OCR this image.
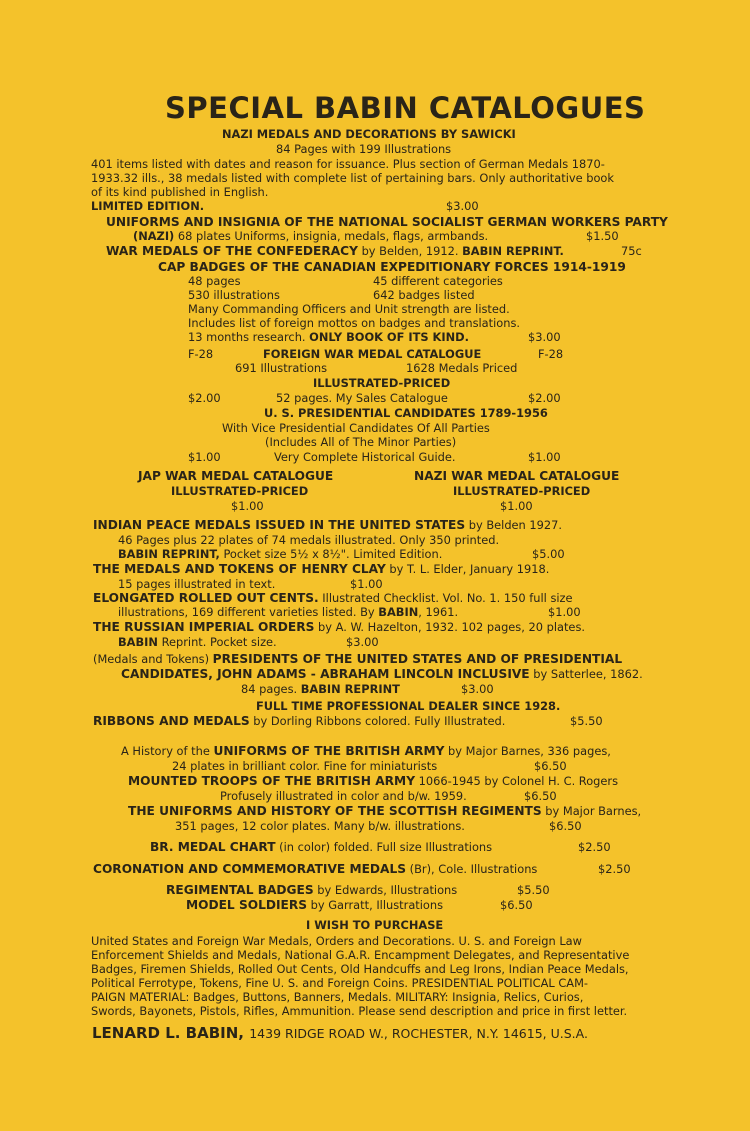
SPECIAL BABIN CATALOGUES
NAZI MEDALS AND DECORATIONS BY SAWICKI
84 Pages with 199 Illustrations
401 items listed with dates and reason for issuance. Plus section of German Medals 1870-
1933.32 ills., 38 medals listed with complete list of pertaining bars. Only authoritative book
of its kind published in English.
LIMITED EDITION.	$3.00
UNIFORMS AND INSIGNIA OF THE NATIONAL SOCIALIST GERMAN WORKERS PARTY
(NAZI) 68 plates Uniforms, insignia, medals, flags, armbands.	$1.50
WAR MEDALS OF THE CONFEDERACY by Belden, 1912. BABIN REPRINT.	75c
CAP BADGES OF THE CANADIAN EXPEDITIONARY FORCES 1914-1919
48 pages	45 different categories
530 illustrations	642 badges listed
Many Commanding Officers and Unit strength are listed.
Includes list of foreign mottos on badges and translations.
13 months research. ONLY BOOK OF ITS KIND.	$3.00
F-28	FOREIGN WAR MEDAL CATALOGUE	F-28
691 Illustrations	1628 Medals Priced
ILLUSTRATED-PRICED
$2.00	52 pages. My Sales Catalogue	$2.00
U. S. PRESIDENTIAL CANDIDATES 1789-1956
With Vice Presidential Candidates Of All Parties
(Includes All of The Minor Parties)
$1.00	Very Complete Historical Guide.	$1.00
JAP WAR MEDAL CATALOGUE
ILLUSTRATED-PRICED
$1.00
NAZI WAR MEDAL CATALOGUE
ILLUSTRATED-PRICED
$1.00
INDIAN PEACE MEDALS ISSUED IN THE UNITED STATES by Belden 1927.
46 Pages plus 22 plates of 74 medals illustrated. Only 350 printed.
BABIN REPRINT, Pocket size 5½ x 8½". Limited Edition.	$5.00
THE MEDALS AND TOKENS OF HENRY CLAY by T. L. Elder, January 1918.
15 pages illustrated in text.	$1.00
ELONGATED ROLLED OUT CENTS. Illustrated Checklist. Vol. No. 1. 150 full size
illustrations, 169 different varieties listed. By BABIN, 1961.	$1.00
THE RUSSIAN IMPERIAL ORDERS by A. W. Hazelton, 1932. 102 pages, 20 plates.
BABIN Reprint. Pocket size.	$3.00
(Medals and Tokens) PRESIDENTS OF THE UNITED STATES AND OF PRESIDENTIAL
CANDIDATES, JOHN ADAMS - ABRAHAM LINCOLN INCLUSIVE by Satterlee, 1862.
84 pages. BABIN REPRINT	$3.00
FULL TIME PROFESSIONAL DEALER SINCE 1928.
RIBBONS AND MEDALS by Dorling Ribbons colored. Fully Illustrated.	$5.50
A History of the UNIFORMS OF THE BRITISH ARMY by Major Barnes, 336 pages,
24 plates in brilliant color. Fine for miniaturists	$6.50
MOUNTED TROOPS OF THE BRITISH ARMY 1066-1945 by Colonel H. C. Rogers
Profusely illustrated in color and b/w. 1959.	$6.50
THE UNIFORMS AND HISTORY OF THE SCOTTISH REGIMENTS by Major Barnes,
351 pages, 12 color plates. Many b/w. illustrations.	$6.50
BR. MEDAL CHART (in color) folded. Full size Illustrations	$2.50
CORONATION AND COMMEMORATIVE MEDALS (Br), Cole. Illustrations	$2.50
REGIMENTAL BADGES by Edwards, Illustrations	$5.50
MODEL SOLDIERS by Garratt, Illustrations	$6.50
I WISH TO PURCHASE
United States and Foreign War Medals, Orders and Decorations. U. S. and Foreign Law
Enforcement Shields and Medals, National G.A.R. Encampment Delegates, and Representative
Badges, Firemen Shields, Rolled Out Cents, Old Handcuffs and Leg Irons, Indian Peace Medals,
Political Ferrotype, Tokens, Fine U. S. and Foreign Coins. PRESIDENTIAL POLITICAL CAM-
PAIGN MATERIAL: Badges, Buttons, Banners, Medals. MILITARY: Insignia, Relics, Curios,
Swords, Bayonets, Pistols, Rifles, Ammunition. Please send description and price in first letter.
LENARD L. BABIN, 1439 RIDGE ROAD W., ROCHESTER, N.Y. 14615, U.S.A.
